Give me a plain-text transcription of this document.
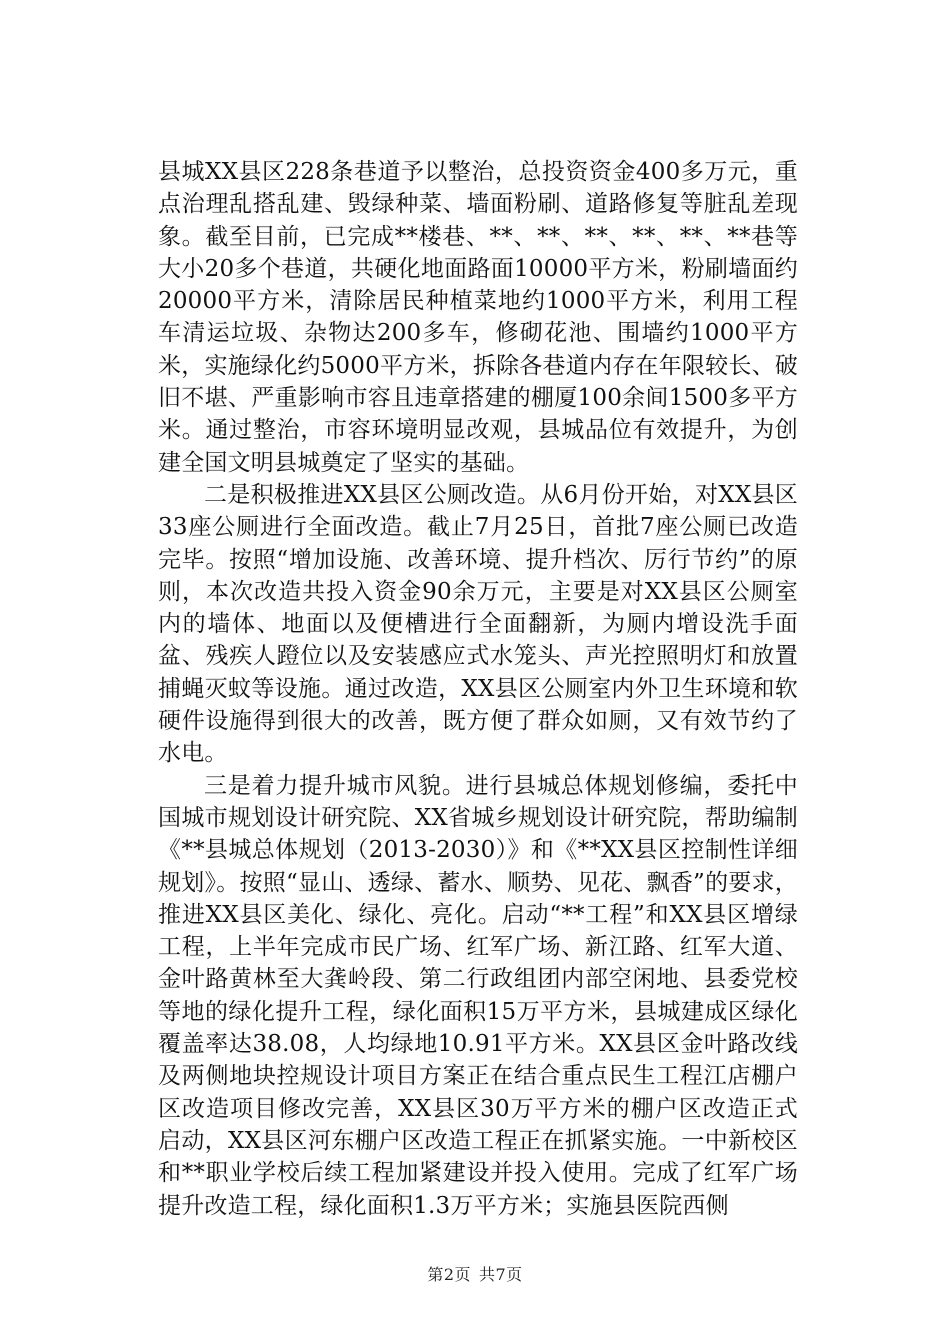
县城XX县区228条巷道予以整治，总投资资金400多万元，重点治理乱搭乱建、毁绿种菜、墙面粉刷、道路修复等脏乱差现象。截至目前，已完成**楼巷、**、**、**、**、**、**巷等大小20多个巷道，共硬化地面路面10000平方米，粉刷墙面约20000平方米，清除居民种植菜地约1000平方米，利用工程车清运垃圾、杂物达200多车，修砌花池、围墙约1000平方米，实施绿化约5000平方米，拆除各巷道内存在年限较长、破旧不堪、严重影响市容且违章搭建的棚厦100余间1500多平方米。通过整治，市容环境明显改观，县城品位有效提升，为创建全国文明县城奠定了坚实的基础。

二是积极推进XX县区公厕改造。从6月份开始，对XX县区33座公厕进行全面改造。截止7月25日，首批7座公厕已改造完毕。按照“增加设施、改善环境、提升档次、厉行节约”的原则，本次改造共投入资金90余万元，主要是对XX县区公厕室内的墙体、地面以及便槽进行全面翻新，为厕内增设洗手面盆、残疾人蹬位以及安装感应式水笼头、声光控照明灯和放置捕蝇灭蚊等设施。通过改造，XX县区公厕室内外卫生环境和软硬件设施得到很大的改善，既方便了群众如厕，又有效节约了水电。

三是着力提升城市风貌。进行县城总体规划修编，委托中国城市规划设计研究院、XX省城乡规划设计研究院，帮助编制《**县城总体规划（2013-2030）》和《**XX县区控制性详细规划》。按照“显山、透绿、蓄水、顺势、见花、飘香”的要求，推进XX县区美化、绿化、亮化。启动“**工程”和XX县区增绿工程，上半年完成市民广场、红军广场、新江路、红军大道、金叶路黄林至大龚岭段、第二行政组团内部空闲地、县委党校等地的绿化提升工程，绿化面积15万平方米，县城建成区绿化覆盖率达38.08，人均绿地10.91平方米。XX县区金叶路改线及两侧地块控规设计项目方案正在结合重点民生工程江店棚户区改造项目修改完善，XX县区30万平方米的棚户区改造正式启动，XX县区河东棚户区改造工程正在抓紧实施。一中新校区和**职业学校后续工程加紧建设并投入使用。完成了红军广场提升改造工程，绿化面积1.3万平方米；实施县医院西侧

第2页 共7页
